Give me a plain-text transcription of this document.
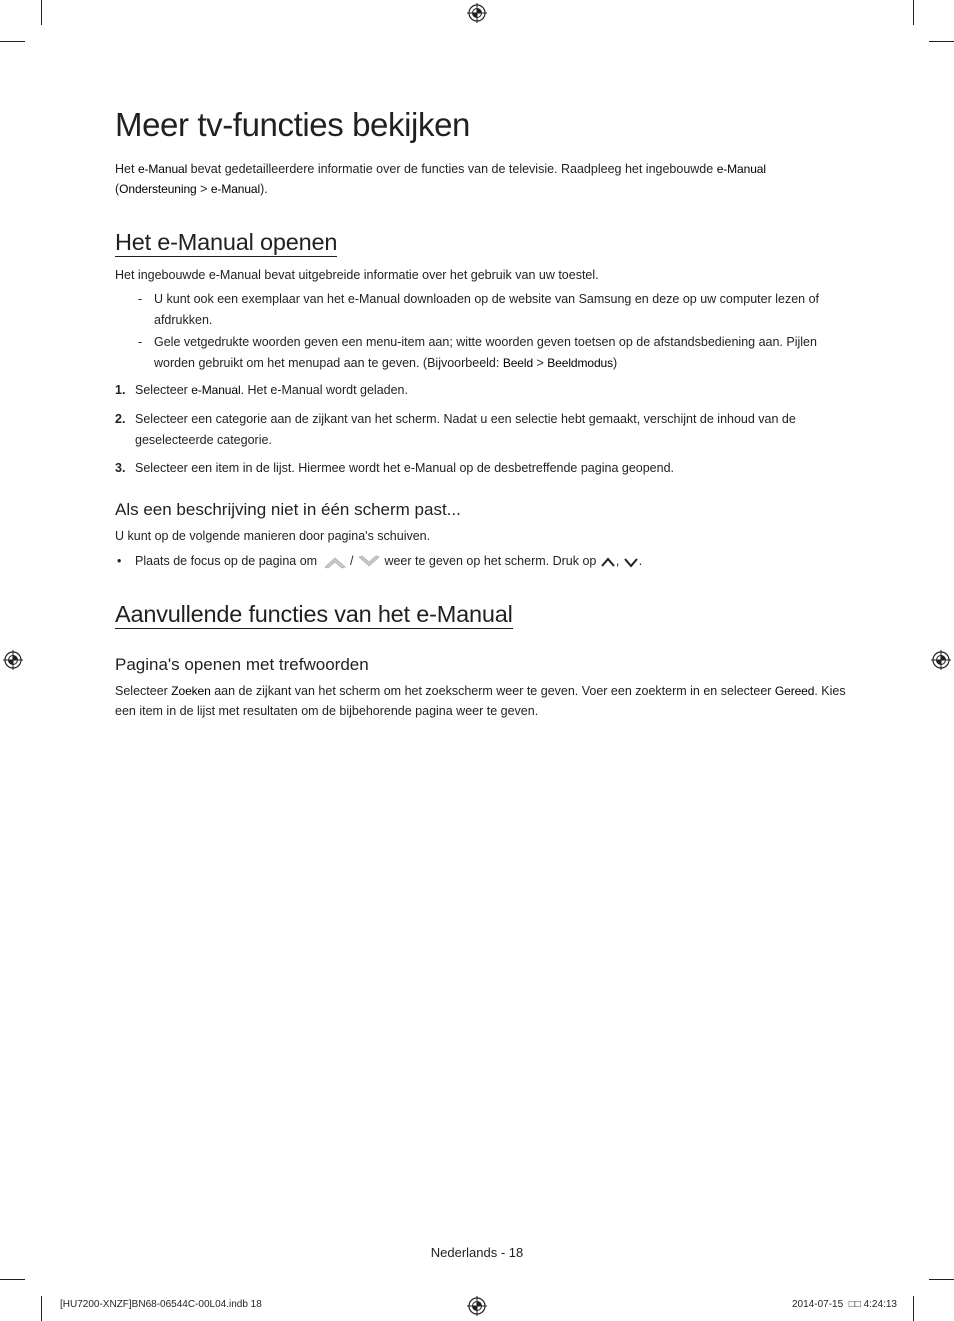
Meer tv-functies bekijken

Het e-Manual bevat gedetailleerdere informatie over de functies van de televisie. Raadpleeg het ingebouwde e-Manual
(Ondersteuning > e-Manual).

Het e-Manual openen

Het ingebouwde e-Manual bevat uitgebreide informatie over het gebruik van uw toestel.

- U kunt ook een exemplaar van het e-Manual downloaden op de website van Samsung en deze op uw computer lezen of afdrukken.
- Gele vetgedrukte woorden geven een menu-item aan; witte woorden geven toetsen op de afstandsbediening aan. Pijlen worden gebruikt om het menupad aan te geven. (Bijvoorbeeld: Beeld > Beeldmodus)
1. Selecteer e-Manual. Het e-Manual wordt geladen.
2. Selecteer een categorie aan de zijkant van het scherm. Nadat u een selectie hebt gemaakt, verschijnt de inhoud van de geselecteerde categorie.
3. Selecteer een item in de lijst. Hiermee wordt het e-Manual op de desbetreffende pagina geopend.
Als een beschrijving niet in één scherm past...

U kunt op de volgende manieren door pagina's schuiven.

• Plaats de focus op de pagina om  /  weer te geven op het scherm. Druk op , .
Aanvullende functies van het e-Manual
Pagina's openen met trefwoorden

Selecteer Zoeken aan de zijkant van het scherm om het zoekscherm weer te geven. Voer een zoekterm in en selecteer Gereed. Kies een item in de lijst met resultaten om de bijbehorende pagina weer te geven.

Nederlands - 18
[HU7200-XNZF]BN68-06544C-00L04.indb 18	2014-07-15 □□ 4:24:13
